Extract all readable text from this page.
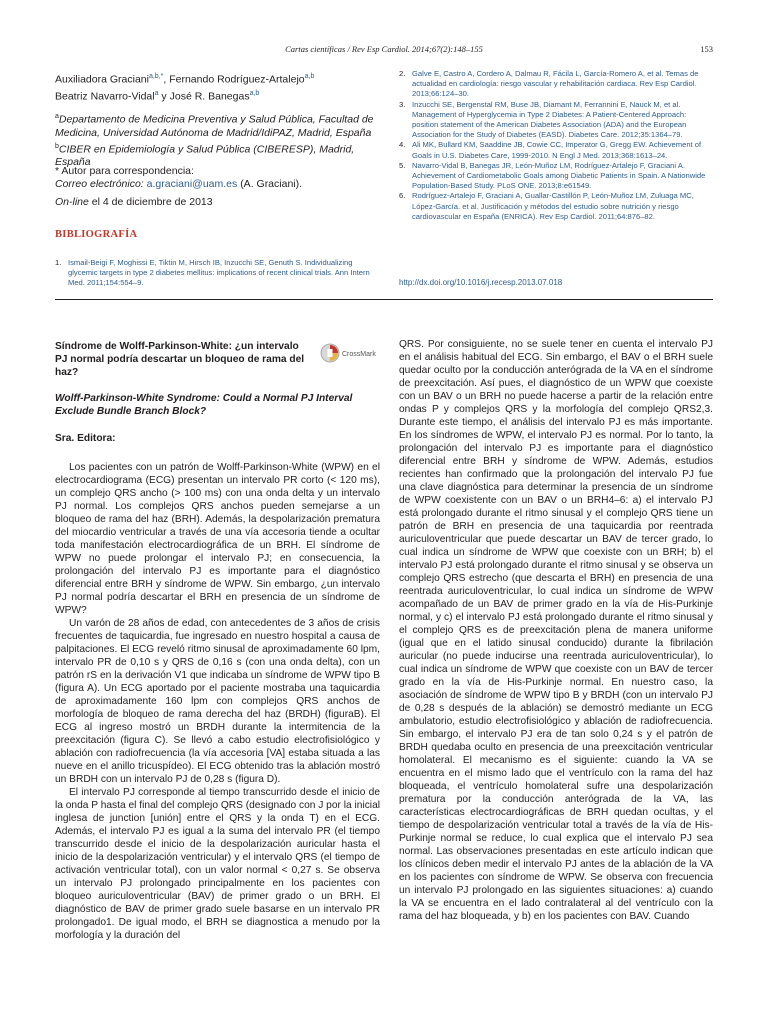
Cartas científicas / Rev Esp Cardiol. 2014;67(2):148–155	153
Auxiliadora Graciani$^{a,b,*}$, Fernando Rodríguez-Artalejo$^{a,b}$
Beatriz Navarro-Vidal$^a$ y José R. Banegas$^{a,b}$
$^a$Departamento de Medicina Preventiva y Salud Pública, Facultad de Medicina, Universidad Autónoma de Madrid/IdiPAZ, Madrid, España
$^b$CIBER en Epidemiología y Salud Pública (CIBERESP), Madrid, España
* Autor para correspondencia:
Correo electrónico: a.graciani@uam.es (A. Graciani).
On-line el 4 de diciembre de 2013
BIBLIOGRAFÍA
1. Ismail-Beigi F, Moghissi E, Tiktin M, Hirsch IB, Inzucchi SE, Genuth S. Individualizing glycemic targets in type 2 diabetes mellitus: implications of recent clinical trials. Ann Intern Med. 2011;154:554–9.
2. Galve E, Castro A, Cordero A, Dalmau R, Fácila L, García-Romero A, et al. Temas de actualidad en cardiología: riesgo vascular y rehabilitación cardiaca. Rev Esp Cardiol. 2013;66:124–30.
3. Inzucchi SE, Bergenstal RM, Buse JB, Diamant M, Ferrannini E, Nauck M, et al. Management of Hyperglycemia in Type 2 Diabetes: A Patient-Centered Approach: position statement of the American Diabetes Association (ADA) and the European Association for the Study of Diabetes (EASD). Diabetes Care. 2012;35:1364–79.
4. Ali MK, Bullard KM, Saaddine JB, Cowie CC, Imperator G, Gregg EW. Achievement of Goals in U.S. Diabetes Care, 1999-2010. N Engl J Med. 2013;368:1613–24.
5. Navarro-Vidal B, Banegas JR, León-Muñoz LM, Rodríguez-Artalejo F, Graciani A. Achievement of Cardiometabolic Goals among Diabetic Patients in Spain. A Nationwide Population-Based Study. PLoS ONE. 2013;8:e61549.
6. Rodríguez-Artalejo F, Graciani A, Guallar-Castillón P, León-Muñoz LM, Zuluaga MC, López-García. et al. Justificación y métodos del estudio sobre nutrición y riesgo cardiovascular en España (ENRICA). Rev Esp Cardiol. 2011;64:876–82.
http://dx.doi.org/10.1016/j.recesp.2013.07.018
Síndrome de Wolff-Parkinson-White: ¿un intervalo PJ normal podría descartar un bloqueo de rama del haz?
CrossMark
Wolff-Parkinson-White Syndrome: Could a Normal PJ Interval Exclude Bundle Branch Block?
Sra. Editora:

Los pacientes con un patrón de Wolff-Parkinson-White (WPW) en el electrocardiograma (ECG) presentan un intervalo PR corto (< 120 ms), un complejo QRS ancho (> 100 ms) con una onda delta y un intervalo PJ normal. Los complejos QRS anchos pueden semejarse a un bloqueo de rama del haz (BRH). Además, la despolarización prematura del miocardio ventricular a través de una vía accesoria tiende a ocultar toda manifestación electrocardiográfica de un BRH. El síndrome de WPW no puede prolongar el intervalo PJ; en consecuencia, la prolongación del intervalo PJ es importante para el diagnóstico diferencial entre BRH y síndrome de WPW. Sin embargo, ¿un intervalo PJ normal podría descartar el BRH en presencia de un síndrome de WPW?

Un varón de 28 años de edad, con antecedentes de 3 años de crisis frecuentes de taquicardia, fue ingresado en nuestro hospital a causa de palpitaciones. El ECG reveló ritmo sinusal de aproximadamente 60 lpm, intervalo PR de 0,10 s y QRS de 0,16 s (con una onda delta), con un patrón rS en la derivación V1 que indicaba un síndrome de WPW tipo B (figura A). Un ECG aportado por el paciente mostraba una taquicardia de aproximadamente 160 lpm con complejos QRS anchos de morfología de bloqueo de rama derecha del haz (BRDH) (figuraB). El ECG al ingreso mostró un BRDH durante la intermitencia de la preexcitación (figura C). Se llevó a cabo estudio electrofisiológico y ablación con radiofrecuencia (la vía accesoria [VA] estaba situada a las nueve en el anillo tricuspídeo). El ECG obtenido tras la ablación mostró un BRDH con un intervalo PJ de 0,28 s (figura D).

El intervalo PJ corresponde al tiempo transcurrido desde el inicio de la onda P hasta el final del complejo QRS (designado con J por la inicial inglesa de junction [unión] entre el QRS y la onda T) en el ECG. Además, el intervalo PJ es igual a la suma del intervalo PR (el tiempo transcurrido desde el inicio de la despolarización auricular hasta el inicio de la despolarización ventricular) y el intervalo QRS (el tiempo de activación ventricular total), con un valor normal < 0,27 s. Se observa un intervalo PJ prolongado principalmente en los pacientes con bloqueo auriculoventricular (BAV) de primer grado o un BRH. El diagnóstico de BAV de primer grado suele basarse en un intervalo PR prolongado1. De igual modo, el BRH se diagnostica a menudo por la morfología y la duración del

QRS. Por consiguiente, no se suele tener en cuenta el intervalo PJ en el análisis habitual del ECG. Sin embargo, el BAV o el BRH suele quedar oculto por la conducción anterógrada de la VA en el síndrome de preexcitación. Así pues, el diagnóstico de un WPW que coexiste con un BAV o un BRH no puede hacerse a partir de la relación entre ondas P y complejos QRS y la morfología del complejo QRS2,3. Durante este tiempo, el análisis del intervalo PJ es más importante. En los síndromes de WPW, el intervalo PJ es normal. Por lo tanto, la prolongación del intervalo PJ es importante para el diagnóstico diferencial entre BRH y síndrome de WPW. Además, estudios recientes han confirmado que la prolongación del intervalo PJ fue una clave diagnóstica para determinar la presencia de un síndrome de WPW coexistente con un BAV o un BRH4–6: a) el intervalo PJ está prolongado durante el ritmo sinusal y el complejo QRS tiene un patrón de BRH en presencia de una taquicardia por reentrada auriculoventricular que puede descartar un BAV de tercer grado, lo cual indica un síndrome de WPW que coexiste con un BRH; b) el intervalo PJ está prolongado durante el ritmo sinusal y se observa un complejo QRS estrecho (que descarta el BRH) en presencia de una reentrada auriculoventricular, lo cual indica un síndrome de WPW acompañado de un BAV de primer grado en la vía de His-Purkinje normal, y c) el intervalo PJ está prolongado durante el ritmo sinusal y el complejo QRS es de preexcitación plena de manera uniforme (igual que en el latido sinusal conducido) durante la fibrilación auricular (no puede inducirse una reentrada auriculoventricular), lo cual indica un síndrome de WPW que coexiste con un BAV de tercer grado en la vía de His-Purkinje normal. En nuestro caso, la asociación de síndrome de WPW tipo B y BRDH (con un intervalo PJ de 0,28 s después de la ablación) se demostró mediante un ECG ambulatorio, estudio electrofisiológico y ablación de radiofrecuencia. Sin embargo, el intervalo PJ era de tan solo 0,24 s y el patrón de BRDH quedaba oculto en presencia de una preexcitación ventricular homolateral. El mecanismo es el siguiente: cuando la VA se encuentra en el mismo lado que el ventrículo con la rama del haz bloqueada, el ventrículo homolateral sufre una despolarización prematura por la conducción anterógrada de la VA, las características electrocardiográficas de BRH quedan ocultas, y el tiempo de despolarización ventricular total a través de la vía de His-Purkinje normal se reduce, lo cual explica que el intervalo PJ sea normal. Las observaciones presentadas en este artículo indican que los clínicos deben medir el intervalo PJ antes de la ablación de la VA en los pacientes con síndrome de WPW. Se observa con frecuencia un intervalo PJ prolongado en las siguientes situaciones: a) cuando la VA se encuentra en el lado contralateral al del ventrículo con la rama del haz bloqueada, y b) en los pacientes con BAV. Cuando
